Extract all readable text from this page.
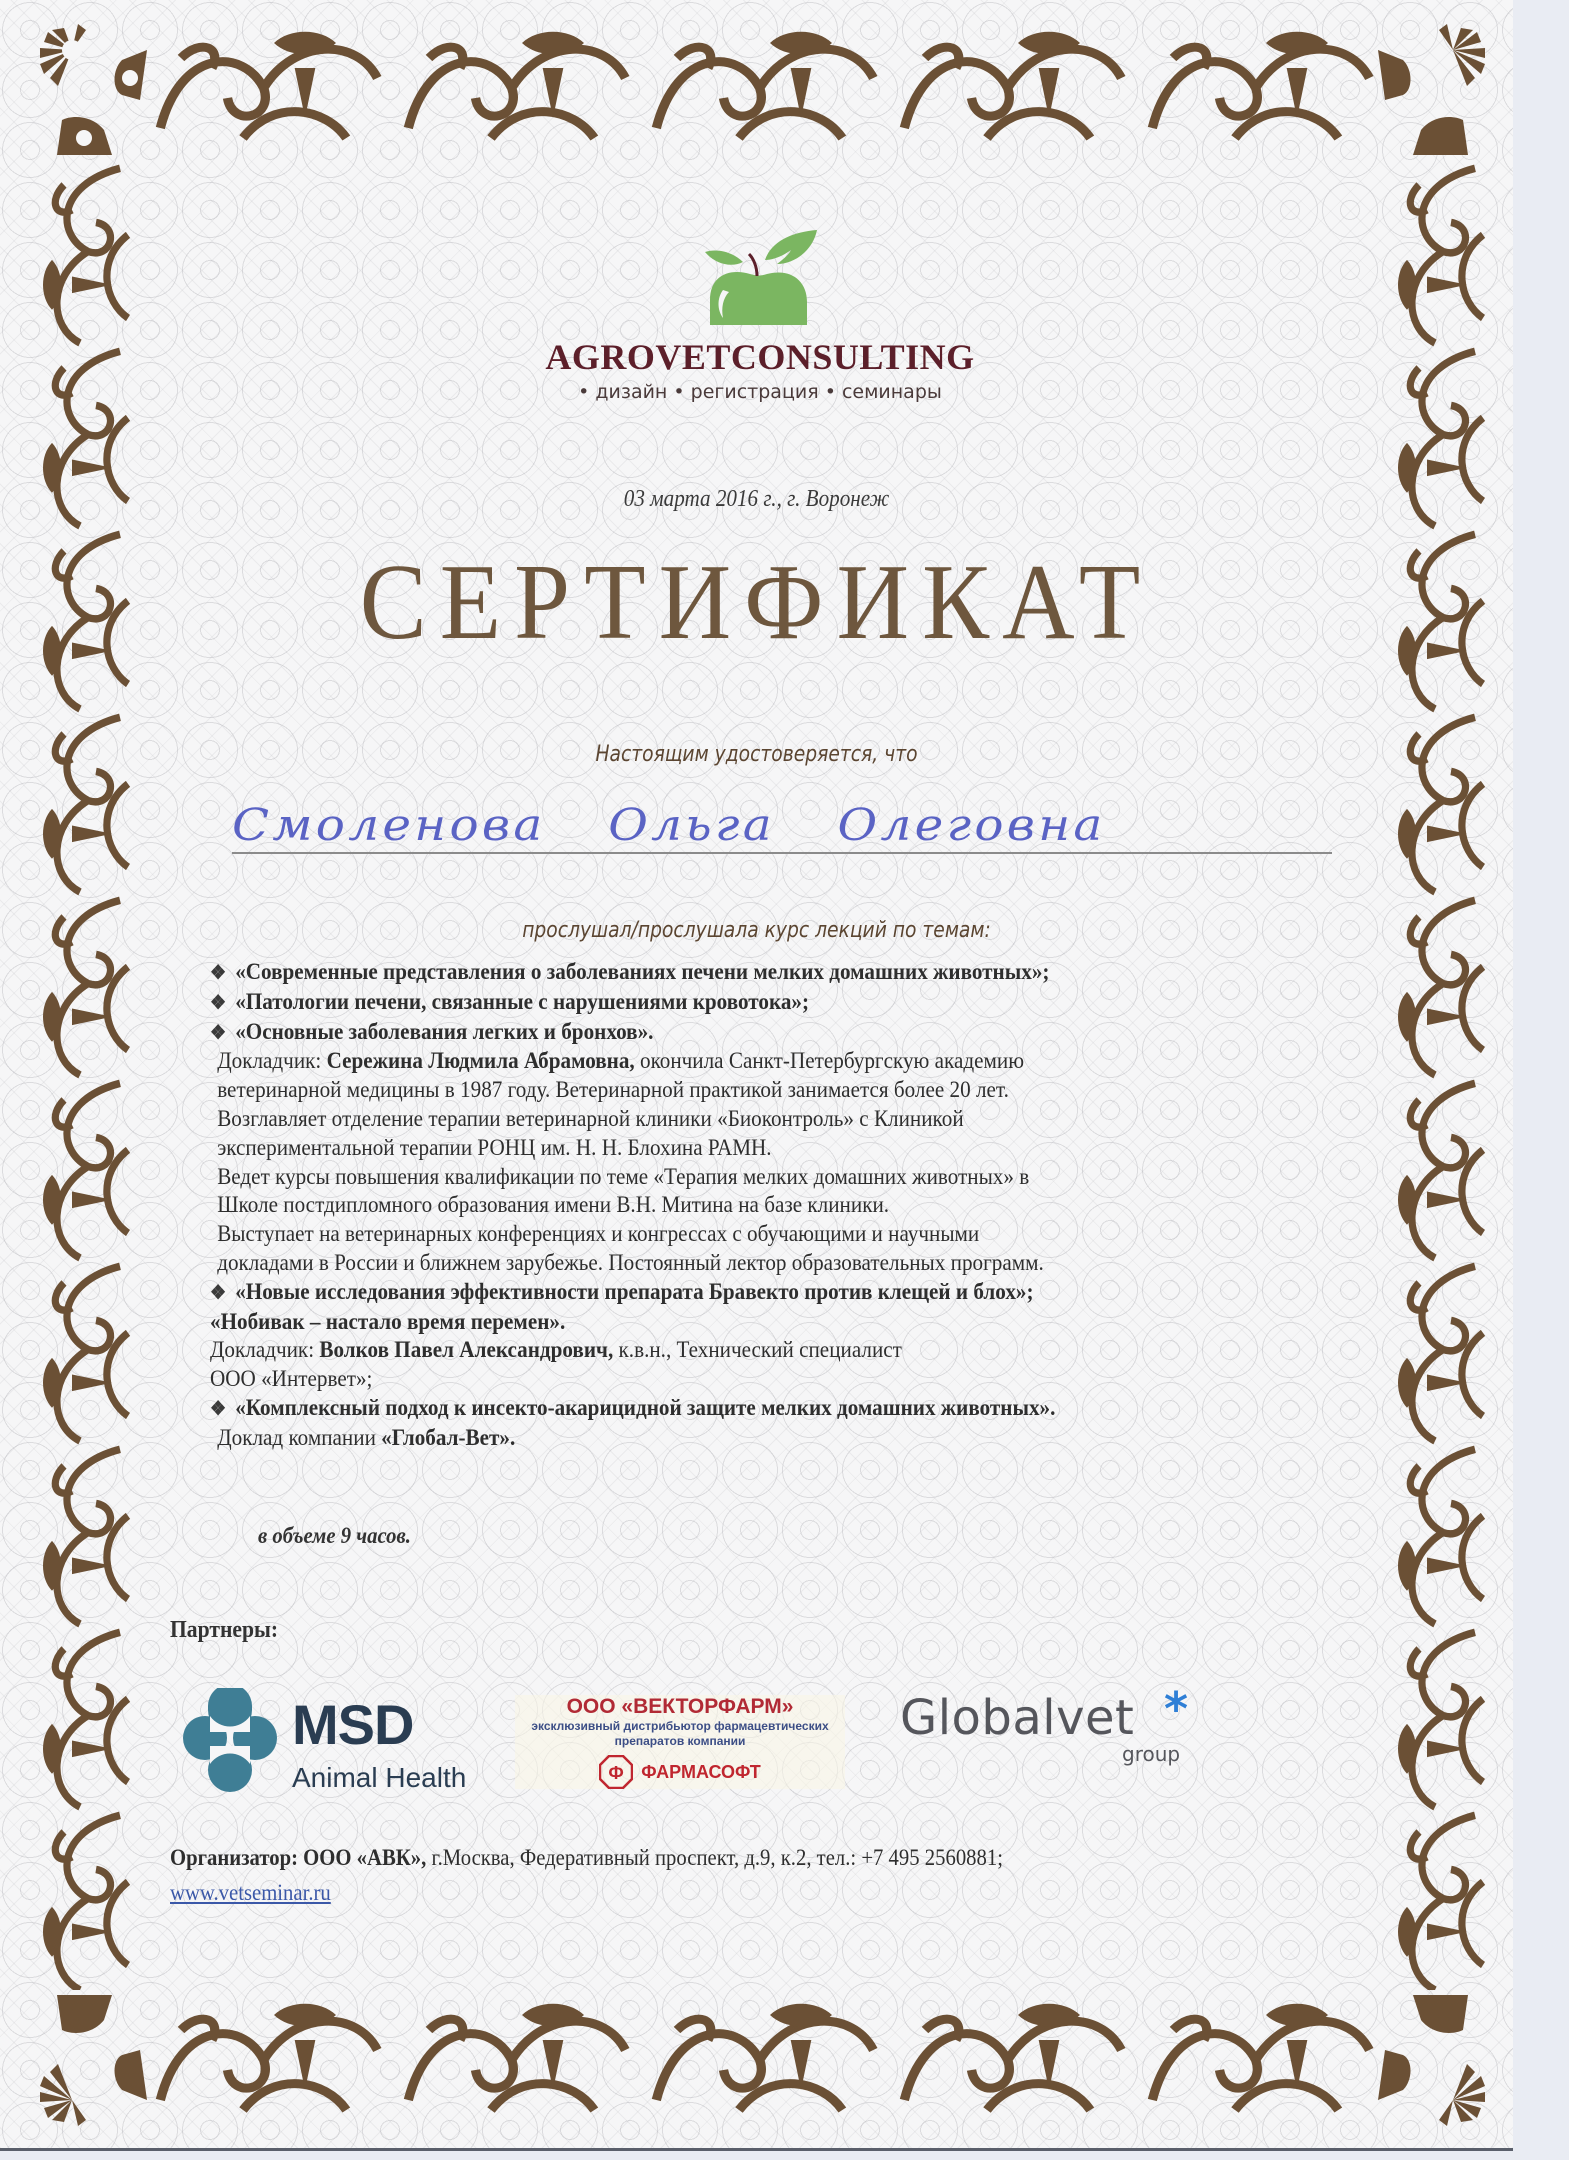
AGROVETCONSULTING
• дизайн • регистрация • семинары
03 марта 2016 г., г. Воронеж
СЕРТИФИКАТ
Настоящим удостоверяется, что
Смоленова Ольга Олеговна
прослушал/прослушала курс лекций по темам:
❖ «Современные представления о заболеваниях печени мелких домашних животных»;
❖ «Патологии печени, связанные с нарушениями кровотока»;
❖ «Основные заболевания легких и бронхов».
Докладчик: Сережина Людмила Абрамовна, окончила Санкт-Петербургскую академию
ветеринарной медицины в 1987 году. Ветеринарной практикой занимается более 20 лет.
Возглавляет отделение терапии ветеринарной клиники «Биоконтроль» с Клиникой
экспериментальной терапии РОНЦ им. Н. Н. Блохина РАМН.
Ведет курсы повышения квалификации по теме «Терапия мелких домашних животных» в
Школе постдипломного образования имени В.Н. Митина на базе клиники.
Выступает на ветеринарных конференциях и конгрессах с обучающими и научными
докладами в России и ближнем зарубежье. Постоянный лектор образовательных программ.
❖ «Новые исследования эффективности препарата Бравекто против клещей и блох»;
«Нобивак – настало время перемен».
Докладчик: Волков Павел Александрович, к.в.н., Технический специалист
ООО «Интервет»;
❖ «Комплексный подход к инсекто-акарицидной защите мелких домашних животных».
Доклад компании «Глобал-Вет».
в объеме 9 часов.
Партнеры:
MSD
Animal Health
ООО «ВЕКТОРФАРМ»
эксклюзивный дистрибьютор фармацевтических
препаратов компании
Ф ФАРМАСОФТ
Globalvet *
group
Организатор: ООО «АВК», г.Москва, Федеративный проспект, д.9, к.2, тел.: +7 495 2560881;
www.vetseminar.ru
